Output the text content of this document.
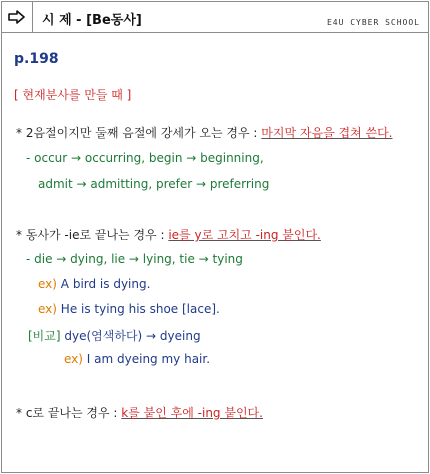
시 제 - [Be동사]	E4U CYBER SCHOOL
p.198
[ 현재분사를 만들 때 ]
* 2음절이지만 둘째 음절에 강세가 오는 경우 : 마지막 자음을 겹쳐 쓴다.
- occur → occurring, begin → beginning,
admit → admitting, prefer → preferring
* 동사가 -ie로 끝나는 경우 : ie를 y로 고치고 -ing 붙인다.
- die → dying, lie → lying, tie → tying
ex) A bird is dying.
ex) He is tying his shoe [lace].
[비교] dye(염색하다) → dyeing
ex) I am dyeing my hair.
* c로 끝나는 경우 : k를 붙인 후에 -ing 붙인다.
